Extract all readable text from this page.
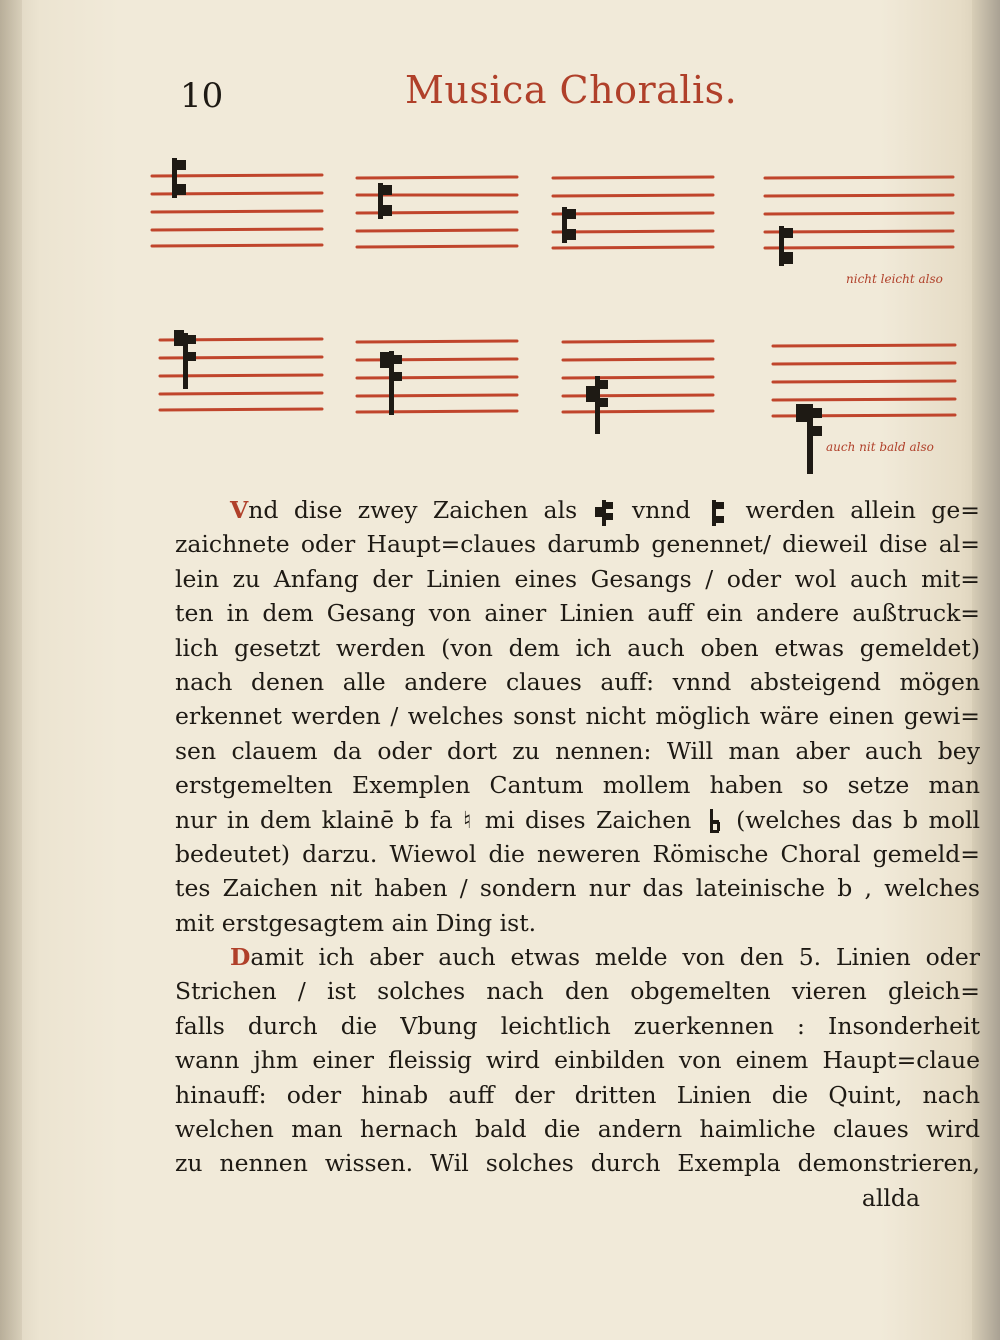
10	Musica Choralis.
nicht leicht also
auch nit bald also
Vnd dise zwey Zaichen als vnnd werden allein ge=
zaichnete oder Haupt=claues darumb genennet/ dieweil dise al=
lein zu Anfang der Linien eines Gesangs / oder wol auch mit=
ten in dem Gesang von ainer Linien auff ein andere außtruck=
lich gesetzt werden (von dem ich auch oben etwas gemeldet)
nach denen alle andere claues auff: vnnd absteigend mögen
erkennet werden / welches sonst nicht möglich wäre einen gewi=
sen clauem da oder dort zu nennen: Will man aber auch bey
erstgemelten Exemplen Cantum mollem haben so setze man
nur in dem klainē b fa ♮ mi dises Zaichen (welches das b moll
bedeutet) darzu. Wiewol die neweren Römische Choral gemeld=
tes Zaichen nit haben / sondern nur das lateinische b , welches
mit erstgesagtem ain Ding ist.
Damit ich aber auch etwas melde von den 5. Linien oder
Strichen / ist solches nach den obgemelten vieren gleich=
falls durch die Vbung leichtlich zuerkennen : Insonderheit
wann jhm einer fleissig wird einbilden von einem Haupt=claue
hinauff: oder hinab auff der dritten Linien die Quint, nach
welchen man hernach bald die andern haimliche claues wird
zu nennen wissen. Wil solches durch Exempla demonstrieren,
allda
